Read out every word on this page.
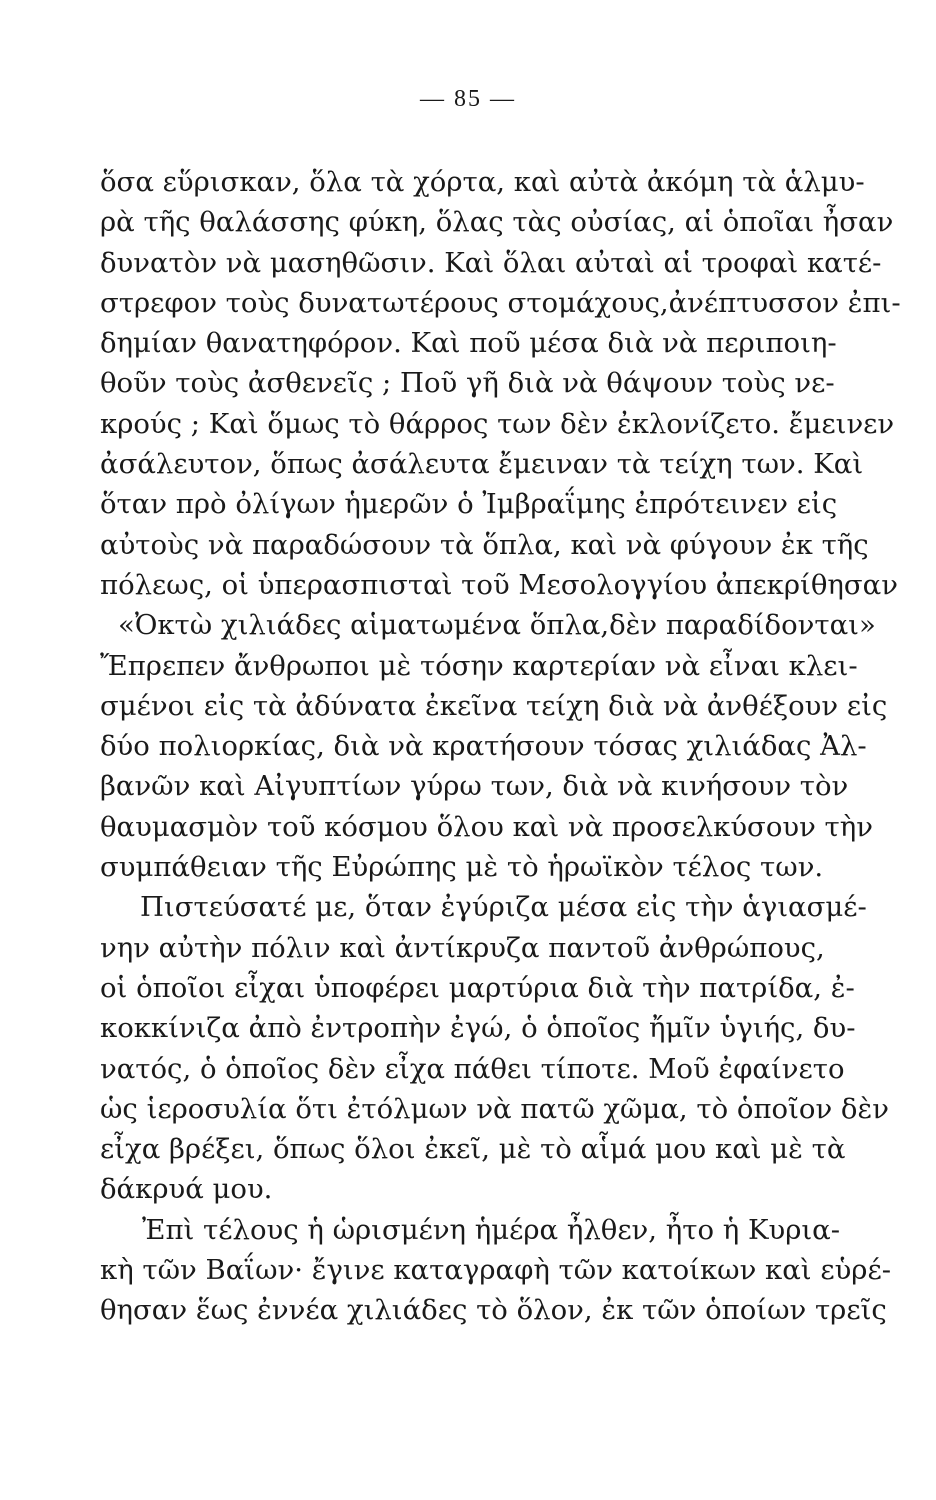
— 85 —
ὅσα εὕρισκαν, ὅλα τὰ χόρτα, καὶ αὐτὰ ἀκόμη τὰ ἁλμυ-
ρὰ τῆς θαλάσσης φύκη, ὅλας τὰς οὐσίας, αἱ ὁποῖαι ἦσαν
δυνατὸν νὰ μασηθῶσιν. Καὶ ὅλαι αὐταὶ αἱ τροφαὶ κατέ-
στρεφον τοὺς δυνατωτέρους στομάχους,ἀνέπτυσσον ἐπι-
δημίαν θανατηφόρον. Καὶ ποῦ μέσα διὰ νὰ περιποιη-
θοῦν τοὺς ἀσθενεῖς ; Ποῦ γῆ διὰ νὰ θάψουν τοὺς νε-
κρούς ; Καὶ ὅμως τὸ θάρρος των δὲν ἐκλονίζετο. ἔμεινεν
ἀσάλευτον, ὅπως ἀσάλευτα ἔμειναν τὰ τείχη των. Καὶ
ὅταν πρὸ ὀλίγων ἡμερῶν ὁ Ἰμβραΐμης ἐπρότεινεν εἰς
αὐτοὺς νὰ παραδώσουν τὰ ὅπλα, καὶ νὰ φύγουν ἐκ τῆς
πόλεως, οἱ ὑπερασπισταὶ τοῦ Μεσολογγίου ἀπεκρίθησαν
«Ὀκτὼ χιλιάδες αἱματωμένα ὅπλα,δὲν παραδίδονται»
Ἔπρεπεν ἄνθρωποι μὲ τόσην καρτερίαν νὰ εἶναι κλει-
σμένοι εἰς τὰ ἀδύνατα ἐκεῖνα τείχη διὰ νὰ ἀνθέξουν εἰς
δύο πολιορκίας, διὰ νὰ κρατήσουν τόσας χιλιάδας Ἀλ-
βανῶν καὶ Αἰγυπτίων γύρω των, διὰ νὰ κινήσουν τὸν
θαυμασμὸν τοῦ κόσμου ὅλου καὶ νὰ προσελκύσουν τὴν
συμπάθειαν τῆς Εὐρώπης μὲ τὸ ἡρωϊκὸν τέλος των.
Πιστεύσατέ με, ὅταν ἐγύριζα μέσα εἰς τὴν ἁγιασμέ-
νην αὐτὴν πόλιν καὶ ἀντίκρυζα παντοῦ ἀνθρώπους,
οἱ ὁποῖοι εἶχαι ὑποφέρει μαρτύρια διὰ τὴν πατρίδα, ἐ-
κοκκίνιζα ἀπὸ ἐντροπὴν ἐγώ, ὁ ὁποῖος ἤμῖν ὑγιής, δυ-
νατός, ὁ ὁποῖος δὲν εἶχα πάθει τίποτε. Μοῦ ἐφαίνετο
ὡς ἱεροσυλία ὅτι ἐτόλμων νὰ πατῶ χῶμα, τὸ ὁποῖον δὲν
εἶχα βρέξει, ὅπως ὅλοι ἐκεῖ, μὲ τὸ αἷμά μου καὶ μὲ τὰ
δάκρυά μου.
Ἐπὶ τέλους ἡ ὡρισμένη ἡμέρα ἦλθεν, ἦτο ἡ Κυρια-
κὴ τῶν Βαΐων· ἔγινε καταγραφὴ τῶν κατοίκων καὶ εὑρέ-
θησαν ἕως ἐννέα χιλιάδες τὸ ὅλον, ἐκ τῶν ὁποίων τρεῖς
